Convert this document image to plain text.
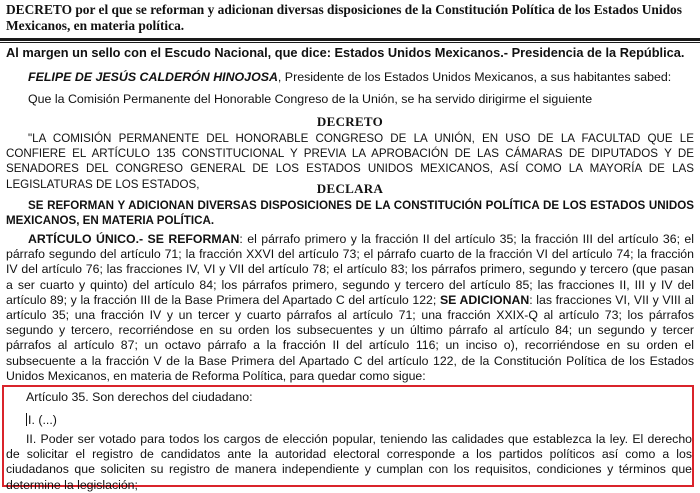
DECRETO por el que se reforman y adicionan diversas disposiciones de la Constitución Política de los Estados Unidos Mexicanos, en materia política.
Al margen un sello con el Escudo Nacional, que dice: Estados Unidos Mexicanos.- Presidencia de la República.
FELIPE DE JESÚS CALDERÓN HINOJOSA, Presidente de los Estados Unidos Mexicanos, a sus habitantes sabed:
Que la Comisión Permanente del Honorable Congreso de la Unión, se ha servido dirigirme el siguiente
DECRETO
"LA COMISIÓN PERMANENTE DEL HONORABLE CONGRESO DE LA UNIÓN, EN USO DE LA FACULTAD QUE LE CONFIERE EL ARTÍCULO 135 CONSTITUCIONAL Y PREVIA LA APROBACIÓN DE LAS CÁMARAS DE DIPUTADOS Y DE SENADORES DEL CONGRESO GENERAL DE LOS ESTADOS UNIDOS MEXICANOS, ASÍ COMO LA MAYORÍA DE LAS LEGISLATURAS DE LOS ESTADOS,	DECLARA
SE REFORMAN Y ADICIONAN DIVERSAS DISPOSICIONES DE LA CONSTITUCIÓN POLÍTICA DE LOS ESTADOS UNIDOS MEXICANOS, EN MATERIA POLÍTICA.
ARTÍCULO ÚNICO.- SE REFORMAN: el párrafo primero y la fracción II del artículo 35; la fracción III del artículo 36; el párrafo segundo del artículo 71; la fracción XXVI del artículo 73; el párrafo cuarto de la fracción VI del artículo 74; la fracción IV del artículo 76; las fracciones IV, VI y VII del artículo 78; el artículo 83; los párrafos primero, segundo y tercero (que pasan a ser cuarto y quinto) del artículo 84; los párrafos primero, segundo y tercero del artículo 85; las fracciones II, III y IV del artículo 89; y la fracción III de la Base Primera del Apartado C del artículo 122; SE ADICIONAN: las fracciones VI, VII y VIII al artículo 35; una fracción IV y un tercer y cuarto párrafos al artículo 71; una fracción XXIX-Q al artículo 73; los párrafos segundo y tercero, recorriéndose en su orden los subsecuentes y un último párrafo al artículo 84; un segundo y tercer párrafos al artículo 87; un octavo párrafo a la fracción II del artículo 116; un inciso o), recorriéndose en su orden el subsecuente a la fracción V de la Base Primera del Apartado C del artículo 122, de la Constitución Política de los Estados Unidos Mexicanos, en materia de Reforma Política, para quedar como sigue:
Artículo 35. Son derechos del ciudadano:
I. (...)
II. Poder ser votado para todos los cargos de elección popular, teniendo las calidades que establezca la ley. El derecho de solicitar el registro de candidatos ante la autoridad electoral corresponde a los partidos políticos así como a los ciudadanos que soliciten su registro de manera independiente y cumplan con los requisitos, condiciones y términos que determine la legislación;
